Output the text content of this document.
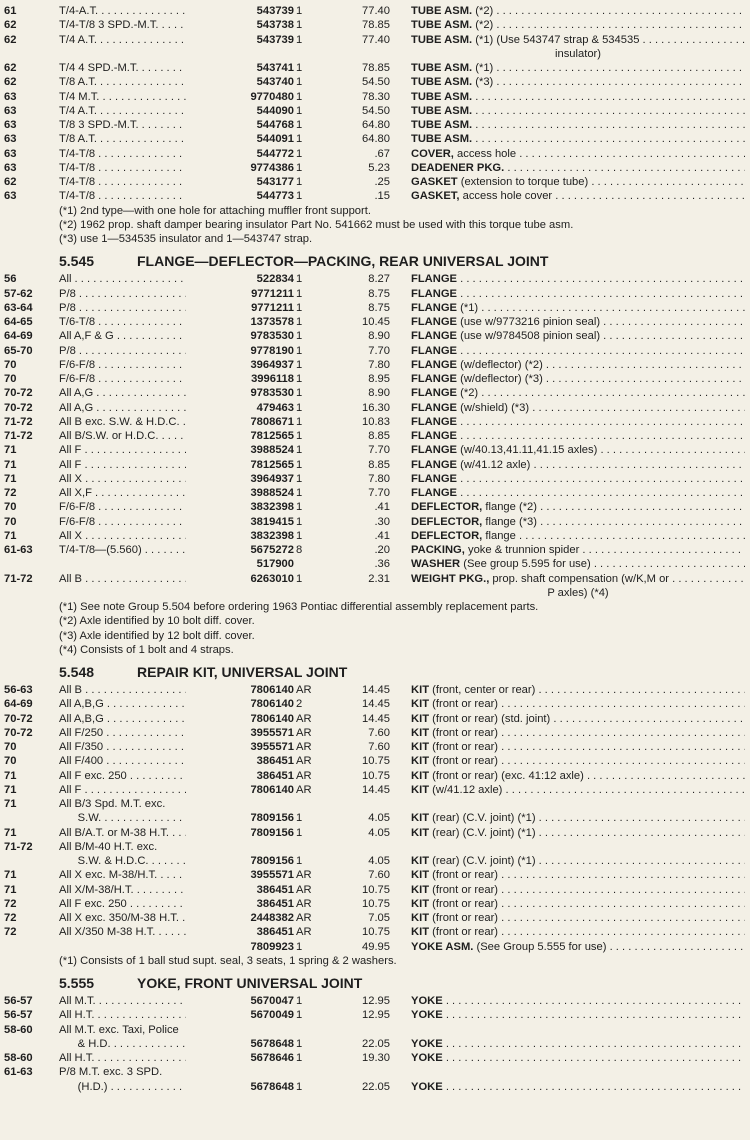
61	T/4-A.T. . . .	543739 1	77.40 TUBE ASM. (*2) . . .
62	T/4-T/8 3 SPD.-M.T. . . .	543738 1	78.85 TUBE ASM. (*2) . . .
62	T/4 A.T. . . .	543739 1	77.40 TUBE ASM. (*1) (Use 543747 strap & 534535 . . .
insulator)
62	T/4 4 SPD.-M.T. . . .	543741 1	78.85 TUBE ASM. (*1) . . .
62	T/8 A.T. . . .	543740 1	54.50 TUBE ASM. (*3) . . .
63	T/4 M.T. . . .	9770480 1	78.30 TUBE ASM. . . .
63	T/4 A.T. . . .	544090 1	54.50 TUBE ASM. . . .
63	T/8 3 SPD.-M.T. . . .	544768 1	64.80 TUBE ASM. . . .
63	T/8 A.T. . . .	544091 1	64.80 TUBE ASM. . . .
63	T/4-T/8 . . .	544772 1	.67 COVER, access hole . . .
63	T/4-T/8 . . .	9774386 1	5.23 DEADENER PKG. . . .
62	T/4-T/8 . . .	543177 1	.25 GASKET (extension to torque tube) . . .
63	T/4-T/8 . . .	544773 1	.15 GASKET, access hole cover . . .
(*1) 2nd type—with one hole for attaching muffler front support.
(*2) 1962 prop. shaft damper bearing insulator Part No. 541662 must be used with this torque tube asm.
(*3) use 1—534535 insulator and 1—543747 strap.
5.545	FLANGE—DEFLECTOR—PACKING, REAR UNIVERSAL JOINT
56	All . . .	522834 1	8.27 FLANGE . . .
57-62 P/8 . . .	9771211 1	8.75 FLANGE . . .
63-64 P/8 . . .	9771211 1	8.75 FLANGE (*1) . . .
64-65 T/6-T/8 . . .	1373578 1	10.45 FLANGE (use w/9773216 pinion seal) . . .
64-69 All A,F & G . . .	9783530 1	8.90 FLANGE (use w/9784508 pinion seal) . . .
65-70 P/8 . . .	9778190 1	7.70 FLANGE . . .
70	F/6-F/8 . . .	3964937 1	7.80 FLANGE (w/deflector) (*2) . . .
70	F/6-F/8 . . .	3996118 1	8.95 FLANGE (w/deflector) (*3) . . .
70-72 All A,G . . .	9783530 1	8.90 FLANGE (*2) . . .
70-72 All A,G . . .	479463 1	16.30 FLANGE (w/shield) (*3) . . .
71-72 All B exc. S.W. & H.D.C. . . .	7808671 1	10.83 FLANGE . . .
71-72 All B/S.W. or H.D.C. . . .	7812565 1	8.85 FLANGE . . .
71	All F . . .	3988524 1	7.70 FLANGE (w/40.13,41.11,41.15 axles) . . .
71	All F . . .	7812565 1	8.85 FLANGE (w/41.12 axle) . . .
71	All X . . .	3964937 1	7.80 FLANGE . . .
72	All X,F . . .	3988524 1	7.70 FLANGE . . .
70	F/6-F/8 . . .	3832398 1	.41 DEFLECTOR, flange (*2) . . .
70	F/6-F/8 . . .	3819415 1	.30 DEFLECTOR, flange (*3) . . .
71	All X . . .	3832398 1	.41 DEFLECTOR, flange . . .
61-63 T/4-T/8—(5.560) . . .	5675272 8	.20 PACKING, yoke & trunnion spider . . .
517900	.36 WASHER (See group 5.595 for use) . . .
71-72 All B . . .	6263010 1	2.31 WEIGHT PKG., prop. shaft compensation (w/K,M or . . .
P axles) (*4)
(*1) See note Group 5.504 before ordering 1963 Pontiac differential assembly replacement parts.
(*2) Axle identified by 10 bolt diff. cover.
(*3) Axle identified by 12 bolt diff. cover.
(*4) Consists of 1 bolt and 4 straps.
5.548	REPAIR KIT, UNIVERSAL JOINT
56-63 All B . . .	7806140 AR	14.45 KIT (front, center or rear) . . .
64-69 All A,B,G . . .	7806140 2	14.45 KIT (front or rear) . . .
70-72 All A,B,G . . .	7806140 AR	14.45 KIT (front or rear) (std. joint) . . .
70-72 All F/250 . . .	3955571 AR	7.60 KIT (front or rear) . . .
70	All F/350 . . .	3955571 AR	7.60 KIT (front or rear) . . .
70	All F/400 . . .	386451 AR	10.75 KIT (front or rear) . . .
71	All F exc. 250 . . .	386451 AR	10.75 KIT (front or rear) (exc. 41:12 axle) . . .
71	All F . . .	7806140 AR	14.45 KIT (w/41.12 axle) . . .
71	All B/3 Spd. M.T. exc.
S.W. . . .	7809156 1	4.05 KIT (rear) (C.V. joint) (*1) . . .
71	All B/A.T. or M-38 H.T. . . .	7809156 1	4.05 KIT (rear) (C.V. joint) (*1) . . .
71-72 All B/M-40 H.T. exc.
S.W. & H.D.C. . . .	7809156 1	4.05 KIT (rear) (C.V. joint) (*1) . . .
71	All X exc. M-38/H.T. . . .	3955571 AR	7.60 KIT (front or rear) . . .
71	All X/M-38/H.T. . . .	386451 AR	10.75 KIT (front or rear) . . .
72	All F exc. 250 . . .	386451 AR	10.75 KIT (front or rear) . . .
72	All X exc. 350/M-38 H.T. . . .	2448382 AR	7.05 KIT (front or rear) . . .
72	All X/350 M-38 H.T. . . .	386451 AR	10.75 KIT (front or rear) . . .
7809923 1	49.95 YOKE ASM. (See Group 5.555 for use) . . .
(*1) Consists of 1 ball stud supt. seal, 3 seats, 1 spring & 2 washers.
5.555	YOKE, FRONT UNIVERSAL JOINT
56-57 All M.T. . . .	5670047 1	12.95 YOKE . . .
56-57 All H.T. . . .	5670049 1	12.95 YOKE . . .
58-60 All M.T. exc. Taxi, Police
& H.D. . . .	5678648 1	22.05 YOKE . . .
58-60 All H.T. . . .	5678646 1	19.30 YOKE . . .
61-63 P/8 M.T. exc. 3 SPD.
(H.D.) . . .	5678648 1	22.05 YOKE . . .
